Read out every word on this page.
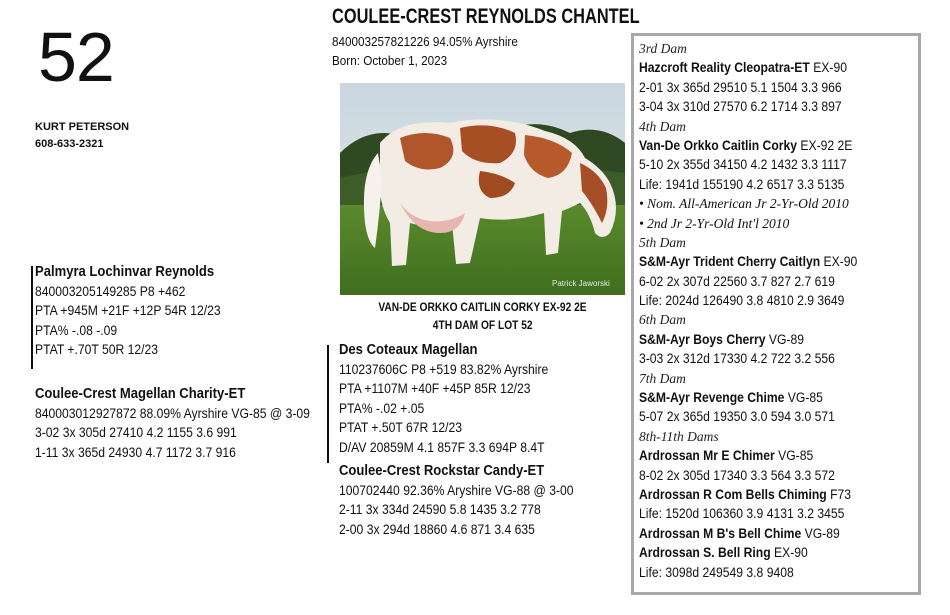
52
KURT PETERSON
608-633-2321
COULEE-CREST REYNOLDS CHANTEL
840003257821226 94.05% Ayrshire
Born: October 1, 2023
Patrick Jaworski
VAN-DE ORKKO CAITLIN CORKY EX-92 2E
4TH DAM OF LOT 52
Palmyra Lochinvar Reynolds
840003205149285 P8 +462
PTA +945M +21F +12P 54R 12/23
PTA% -.08 -.09
PTAT +.70T 50R 12/23
Coulee-Crest Magellan Charity-ET
840003012927872 88.09% Ayrshire VG-85 @ 3-09
3-02 3x 305d 27410 4.2 1155 3.6 991
1-11 3x 365d 24930 4.7 1172 3.7 916
Des Coteaux Magellan
110237606C P8 +519 83.82% Ayrshire
PTA +1107M +40F +45P 85R 12/23
PTA% -.02 +.05
PTAT +.50T 67R 12/23
D/AV 20859M 4.1 857F 3.3 694P 8.4T
Coulee-Crest Rockstar Candy-ET
100702440 92.36% Aryshire VG-88 @ 3-00
2-11 3x 334d 24590 5.8 1435 3.2 778
2-00 3x 294d 18860 4.6 871 3.4 635
3rd Dam
Hazcroft Reality Cleopatra-ET EX-90
2-01 3x 365d 29510 5.1 1504 3.3 966
3-04 3x 310d 27570 6.2 1714 3.3 897
4th Dam
Van-De Orkko Caitlin Corky EX-92 2E
5-10 2x 355d 34150 4.2 1432 3.3 1117
Life: 1941d 155190 4.2 6517 3.3 5135
• Nom. All-American Jr 2-Yr-Old 2010
• 2nd Jr 2-Yr-Old Int'l 2010
5th Dam
S&M-Ayr Trident Cherry Caitlyn EX-90
6-02 2x 307d 22560 3.7 827 2.7 619
Life: 2024d 126490 3.8 4810 2.9 3649
6th Dam
S&M-Ayr Boys Cherry VG-89
3-03 2x 312d 17330 4.2 722 3.2 556
7th Dam
S&M-Ayr Revenge Chime VG-85
5-07 2x 365d 19350 3.0 594 3.0 571
8th-11th Dams
Ardrossan Mr E Chimer VG-85
8-02 2x 305d 17340 3.3 564 3.3 572
Ardrossan R Com Bells Chiming F73
Life: 1520d 106360 3.9 4131 3.2 3455
Ardrossan M B's Bell Chime VG-89
Ardrossan S. Bell Ring EX-90
Life: 3098d 249549 3.8 9408
